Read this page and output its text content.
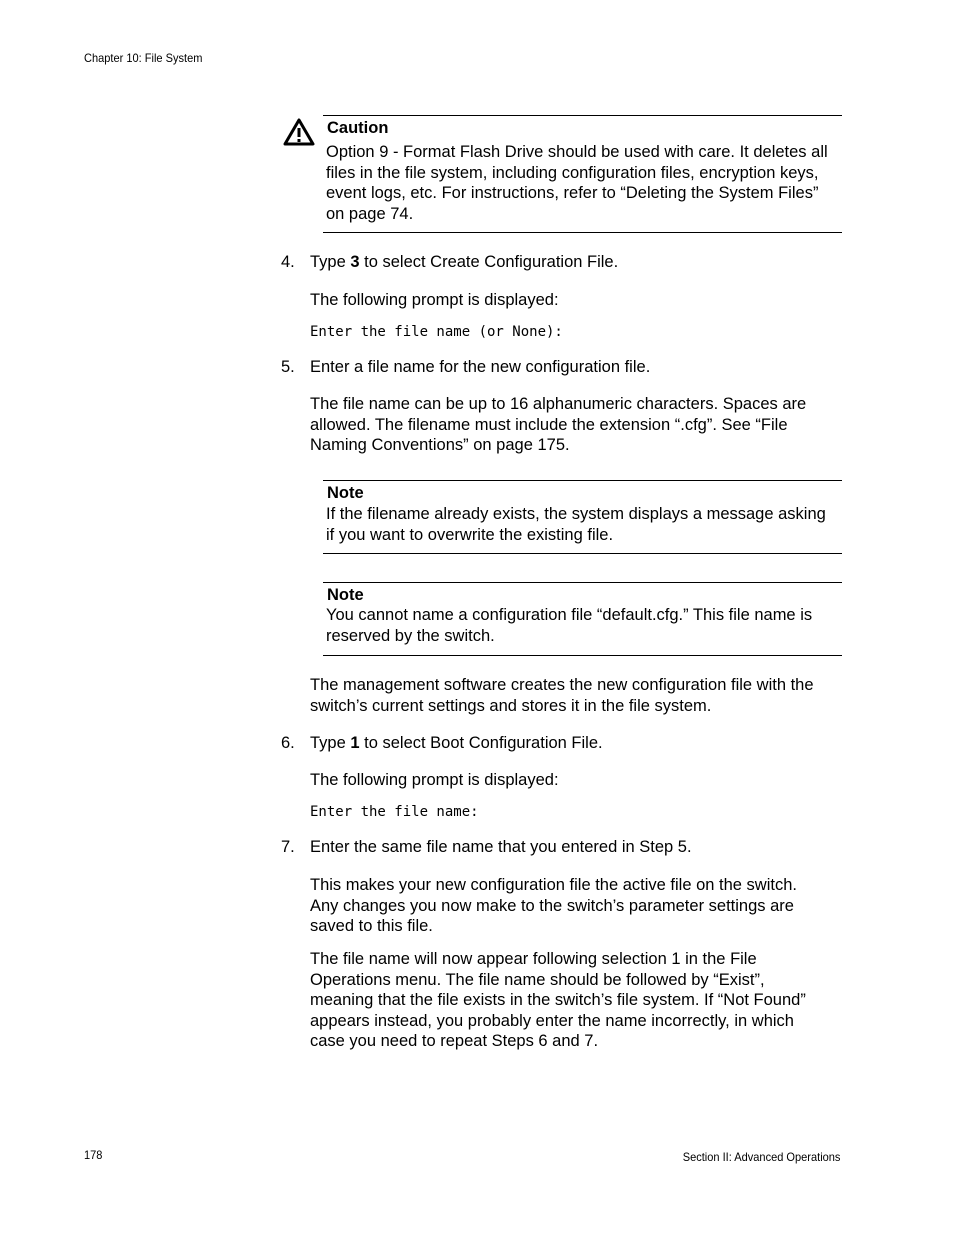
Chapter 10: File System
Caution
Option 9 - Format Flash Drive should be used with care. It deletes all
files in the file system, including configuration files, encryption keys,
event logs, etc. For instructions, refer to “Deleting the System Files”
on page 74.
4. Type 3 to select Create Configuration File.
The following prompt is displayed:
Enter the file name (or None):
5. Enter a file name for the new configuration file.
The file name can be up to 16 alphanumeric characters. Spaces are
allowed. The filename must include the extension “.cfg”. See “File
Naming Conventions” on page 175.
Note
If the filename already exists, the system displays a message asking
if you want to overwrite the existing file.
Note
You cannot name a configuration file “default.cfg.” This file name is
reserved by the switch.
The management software creates the new configuration file with the
switch’s current settings and stores it in the file system.
6. Type 1 to select Boot Configuration File.
The following prompt is displayed:
Enter the file name:
7. Enter the same file name that you entered in Step 5.
This makes your new configuration file the active file on the switch.
Any changes you now make to the switch’s parameter settings are
saved to this file.
The file name will now appear following selection 1 in the File
Operations menu. The file name should be followed by “Exist”,
meaning that the file exists in the switch’s file system. If “Not Found”
appears instead, you probably enter the name incorrectly, in which
case you need to repeat Steps 6 and 7.
178	Section II: Advanced Operations
